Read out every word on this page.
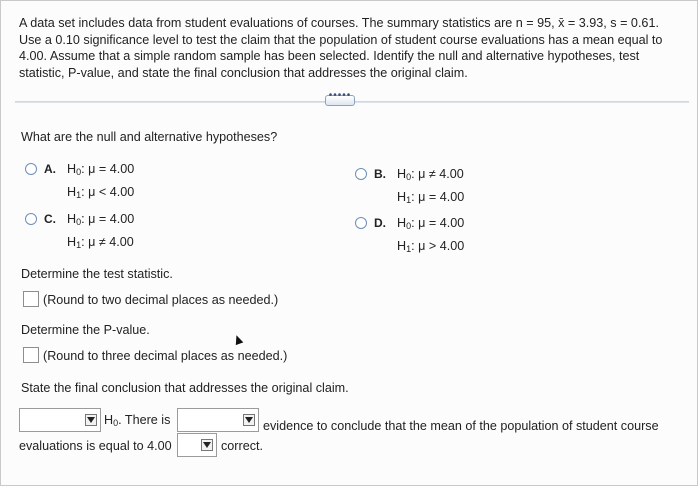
A data set includes data from student evaluations of courses. The summary statistics are n = 95, x̄ = 3.93, s = 0.61. Use a 0.10 significance level to test the claim that the population of student course evaluations has a mean equal to 4.00. Assume that a simple random sample has been selected. Identify the null and alternative hypotheses, test statistic, P-value, and state the final conclusion that addresses the original claim.
•••••
What are the null and alternative hypotheses?
A. $H_0$: μ = 4.00
$H_1$: μ < 4.00
B. $H_0$: μ ≠ 4.00
$H_1$: μ = 4.00
C. $H_0$: μ = 4.00
$H_1$: μ ≠ 4.00
D. $H_0$: μ = 4.00
$H_1$: μ > 4.00
Determine the test statistic.
(Round to two decimal places as needed.)
Determine the P-value.
(Round to three decimal places as needed.)
State the final conclusion that addresses the original claim.
$H_0$. There is	evidence to conclude that the mean of the population of student course
evaluations is equal to 4.00	correct.
